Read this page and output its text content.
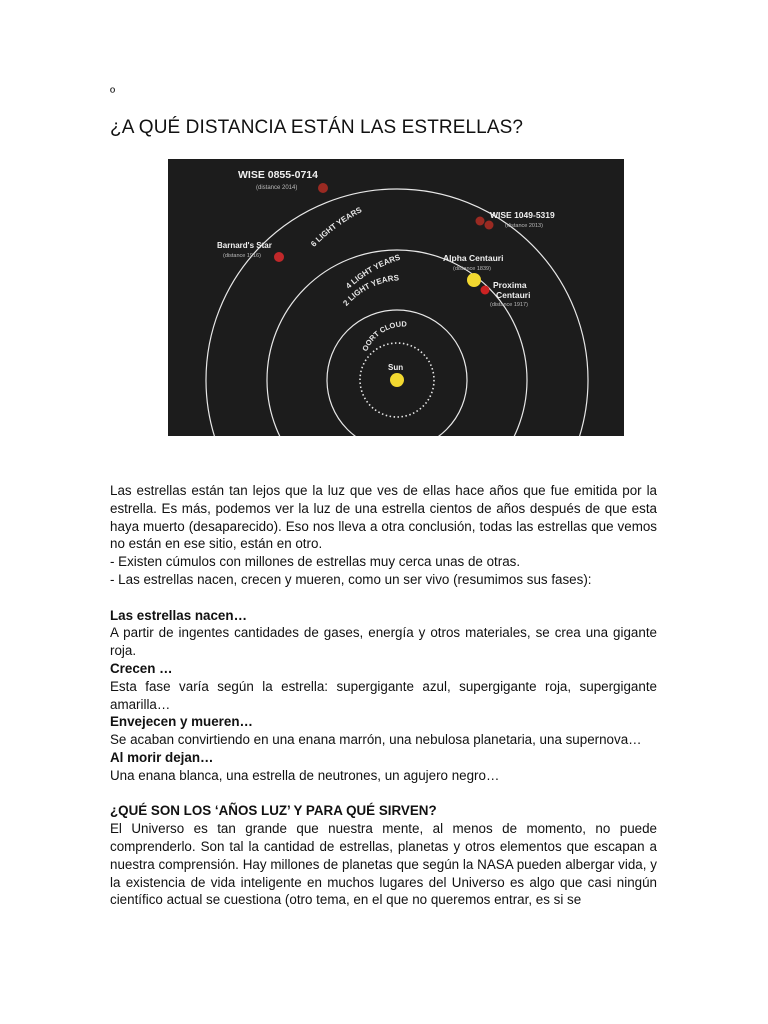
º
¿A QUÉ DISTANCIA ESTÁN LAS ESTRELLAS?
6 LIGHT YEARS
4 LIGHT YEARS
2 LIGHT YEARS
OORT CLOUD
WISE 0855-0714
(distance 2014)
WISE 1049-5319
(distance 2013)
Barnard's Star
(distance 1916)	Alpha Centauri
(distance 1839)
Proxima
Centauri
(distance 1917)
Sun

Las estrellas están tan lejos que la luz que ves de ellas hace años que fue emitida por la estrella. Es más, podemos ver la luz de una estrella cientos de años después de que esta haya muerto (desaparecido). Eso nos lleva a otra conclusión, todas las estrellas que vemos no están en ese sitio, están en otro.

- Existen cúmulos con millones de estrellas muy cerca unas de otras.

- Las estrellas nacen, crecen y mueren, como un ser vivo (resumimos sus fases):

Las estrellas nacen…

A partir de ingentes cantidades de gases, energía y otros materiales, se crea una gigante roja.

Crecen …

Esta fase varía según la estrella: supergigante azul, supergigante roja, supergigante amarilla…

Envejecen y mueren…

Se acaban convirtiendo en una enana marrón, una nebulosa planetaria, una supernova…

Al morir dejan…

Una enana blanca, una estrella de neutrones, un agujero negro…

¿QUÉ SON LOS ‘AÑOS LUZ’ Y PARA QUÉ SIRVEN?

El Universo es tan grande que nuestra mente, al menos de momento, no puede comprenderlo. Son tal la cantidad de estrellas, planetas y otros elementos que escapan a nuestra comprensión. Hay millones de planetas que según la NASA pueden albergar vida, y la existencia de vida inteligente en muchos lugares del Universo es algo que casi ningún científico actual se cuestiona (otro tema, en el que no queremos entrar, es si se
